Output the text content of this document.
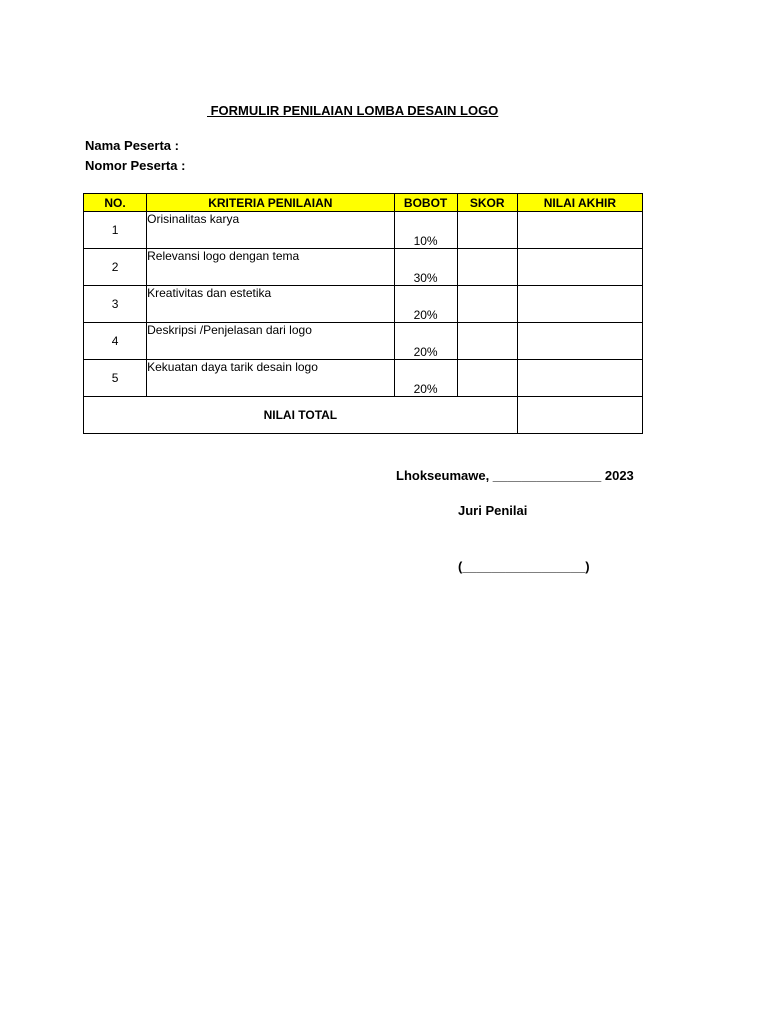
FORMULIR PENILAIAN LOMBA DESAIN LOGO
Nama Peserta :
Nomor Peserta :
NO.	KRITERIA PENILAIAN	BOBOT	SKOR	NILAI AKHIR
1	Orisinalitas karya	10%		
2	Relevansi logo dengan tema	30%		
3	Kreativitas dan estetika	20%		
4	Deskripsi /Penjelasan dari logo	20%		
5	Kekuatan daya tarik desain logo	20%		
NILAI TOTAL				
Lhokseumawe, _______________ 2023
Juri Penilai
(_________________)
